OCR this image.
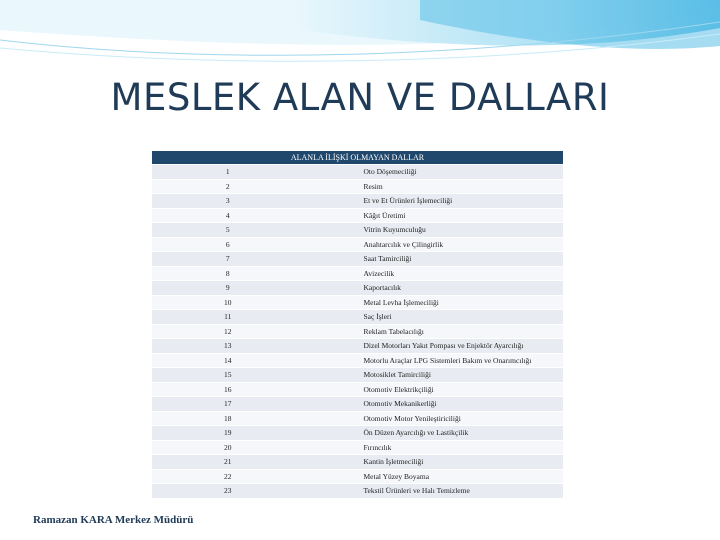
MESLEK ALAN VE DALLARI
ALANLA İLİŞKİ OLMAYAN DALLAR	
1	Oto Döşemeciliği
2	Resim
3	Et ve Et Ürünleri İşlemeciliği
4	Kâğıt Üretimi
5	Vitrin Kuyumculuğu
6	Anahtarcılık ve Çilingirlik
7	Saat Tamirciliği
8	Avizecilik
9	Kaportacılık
10	Metal Levha İşlemeciliği
11	Saç İşleri
12	Reklam Tabelacılığı
13	Dizel Motorları Yakıt Pompası ve Enjektör Ayarcılığı
14	Motorlu Araçlar LPG Sistemleri Bakım ve Onarımcılığı
15	Motosiklet Tamirciliği
16	Otomotiv Elektrikçiliği
17	Otomotiv Mekanikerliği
18	Otomotiv Motor Yenileştiriciliği
19	Ön Düzen Ayarcılığı ve Lastikçilik
20	Fırıncılık
21	Kantin İşletmeciliği
22	Metal Yüzey Boyama
23	Tekstil Ürünleri ve Halı Temizleme
Ramazan KARA Merkez Müdürü
